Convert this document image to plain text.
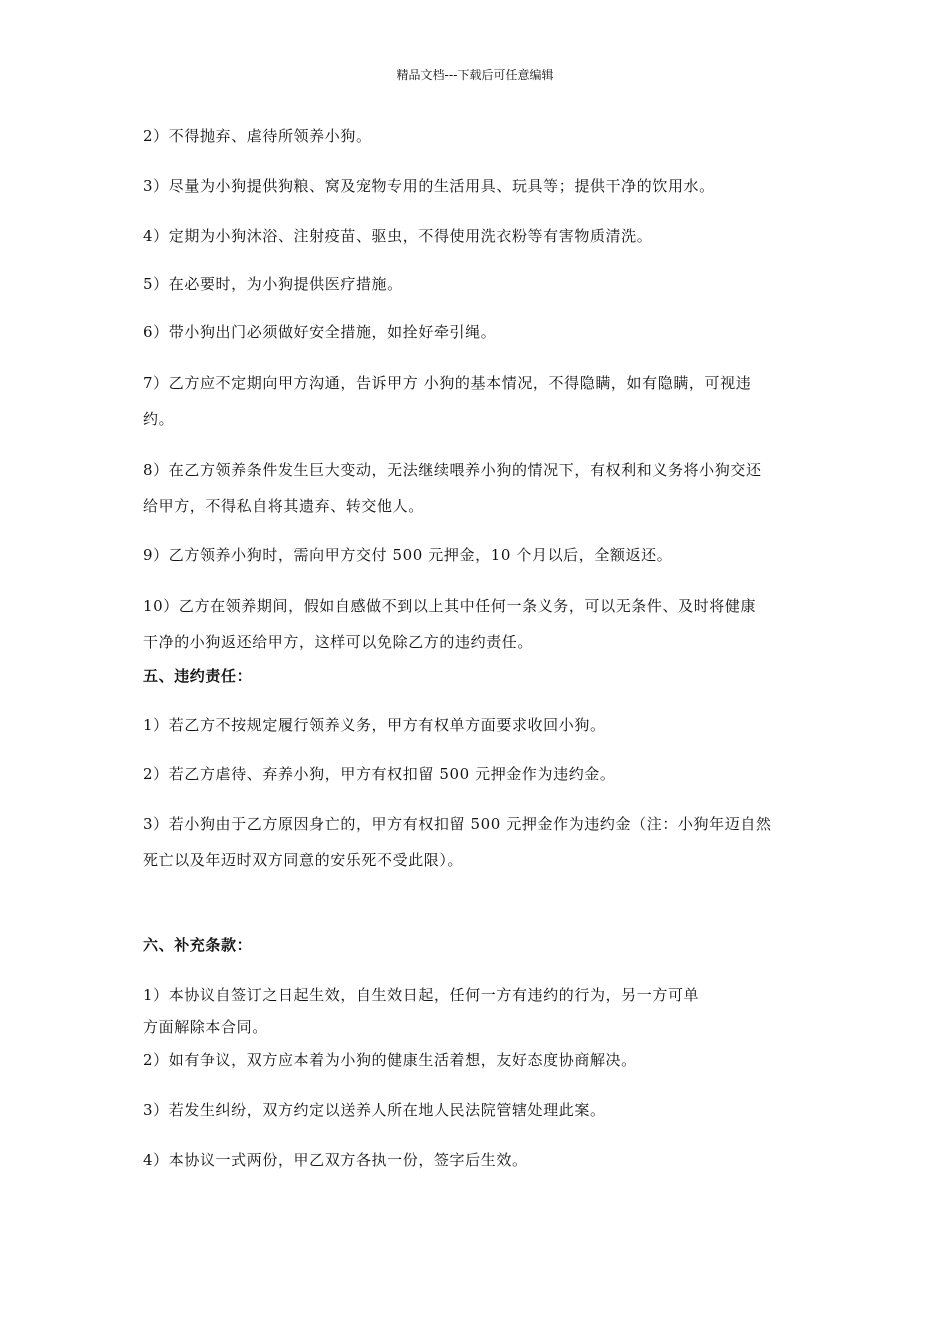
精品文档---下载后可任意编辑
2）不得抛弃、虐待所领养小狗。
3）尽量为小狗提供狗粮、窝及宠物专用的生活用具、玩具等；提供干净的饮用水。
4）定期为小狗沐浴、注射疫苗、驱虫，不得使用洗衣粉等有害物质清洗。
5）在必要时，为小狗提供医疗措施。
6）带小狗出门必须做好安全措施，如拴好牵引绳。
7）乙方应不定期向甲方沟通，告诉甲方 小狗的基本情况，不得隐瞒，如有隐瞒，可视违
约。
8）在乙方领养条件发生巨大变动，无法继续喂养小狗的情况下，有权利和义务将小狗交还
给甲方，不得私自将其遗弃、转交他人。
9）乙方领养小狗时，需向甲方交付 500 元押金，10 个月以后，全额返还。
10）乙方在领养期间，假如自感做不到以上其中任何一条义务，可以无条件、及时将健康
干净的小狗返还给甲方，这样可以免除乙方的违约责任。
五、违约责任：
1）若乙方不按规定履行领养义务，甲方有权单方面要求收回小狗。
2）若乙方虐待、弃养小狗，甲方有权扣留 500 元押金作为违约金。
3）若小狗由于乙方原因身亡的，甲方有权扣留 500 元押金作为违约金（注：小狗年迈自然
死亡以及年迈时双方同意的安乐死不受此限）。
六、补充条款：
1）本协议自签订之日起生效，自生效日起，任何一方有违约的行为，另一方可单
方面解除本合同。
2）如有争议，双方应本着为小狗的健康生活着想，友好态度协商解决。
3）若发生纠纷，双方约定以送养人所在地人民法院管辖处理此案。
4）本协议一式两份，甲乙双方各执一份，签字后生效。
